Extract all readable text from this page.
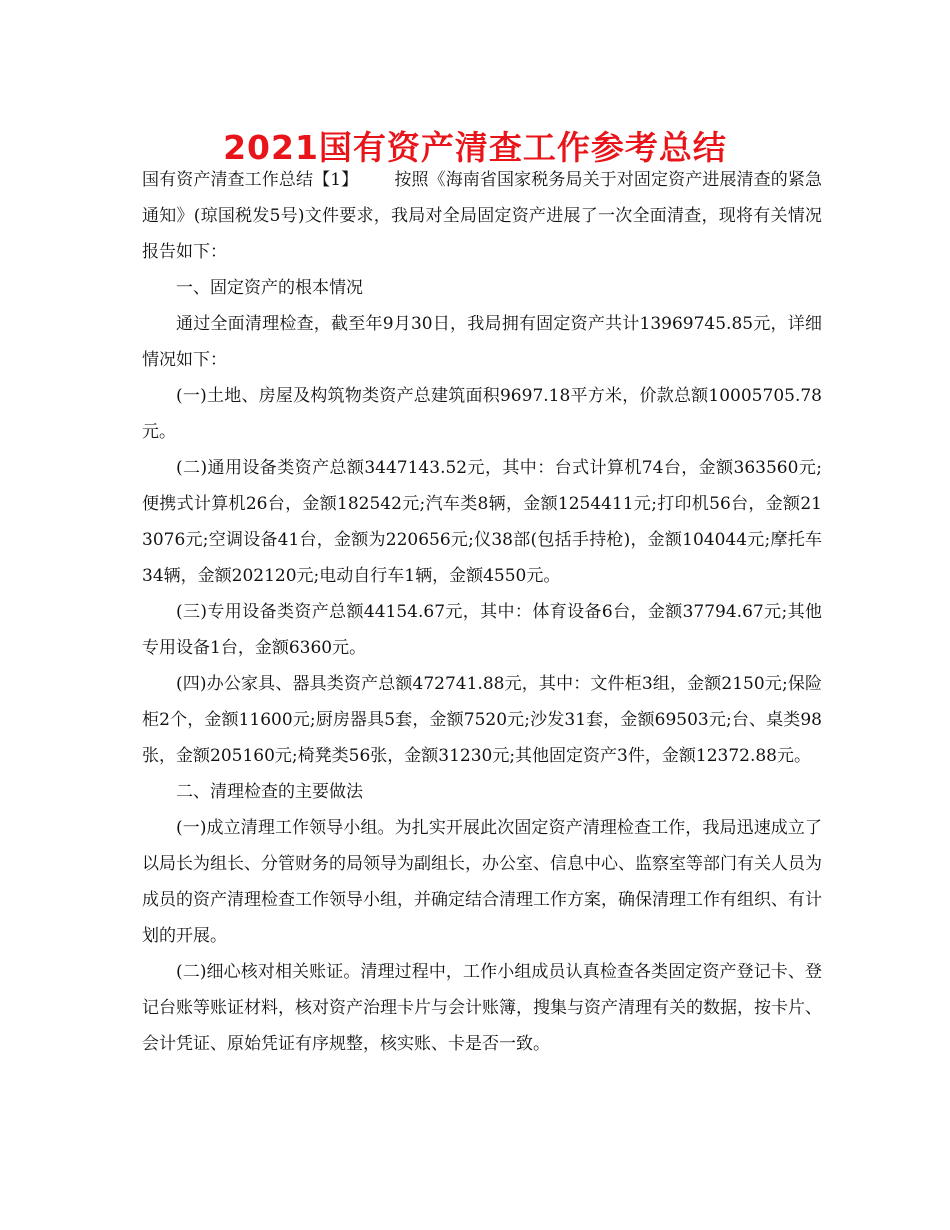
2021国有资产清查工作参考总结

国有资产清查工作总结【1】 按照《海南省国家税务局关于对固定资产进展清查的紧急通知》(琼国税发5号)文件要求，我局对全局固定资产进展了一次全面清查，现将有关情况报告如下：

一、固定资产的根本情况

通过全面清理检查，截至年9月30日，我局拥有固定资产共计13969745.85元，详细情况如下：

(一)土地、房屋及构筑物类资产总建筑面积9697.18平方米，价款总额10005705.78元。

(二)通用设备类资产总额3447143.52元，其中：台式计算机74台，金额363560元;便携式计算机26台，金额182542元;汽车类8辆，金额1254411元;打印机56台，金额213076元;空调设备41台，金额为220656元;仪38部(包括手持枪)，金额104044元;摩托车34辆，金额202120元;电动自行车1辆，金额4550元。

(三)专用设备类资产总额44154.67元，其中：体育设备6台，金额37794.67元;其他专用设备1台，金额6360元。

(四)办公家具、器具类资产总额472741.88元，其中：文件柜3组，金额2150元;保险柜2个，金额11600元;厨房器具5套，金额7520元;沙发31套，金额69503元;台、桌类98张，金额205160元;椅凳类56张，金额31230元;其他固定资产3件，金额12372.88元。

二、清理检查的主要做法

(一)成立清理工作领导小组。为扎实开展此次固定资产清理检查工作，我局迅速成立了以局长为组长、分管财务的局领导为副组长，办公室、信息中心、监察室等部门有关人员为成员的资产清理检查工作领导小组，并确定结合清理工作方案，确保清理工作有组织、有计划的开展。

(二)细心核对相关账证。清理过程中，工作小组成员认真检查各类固定资产登记卡、登记台账等账证材料，核对资产治理卡片与会计账簿，搜集与资产清理有关的数据，按卡片、会计凭证、原始凭证有序规整，核实账、卡是否一致。
